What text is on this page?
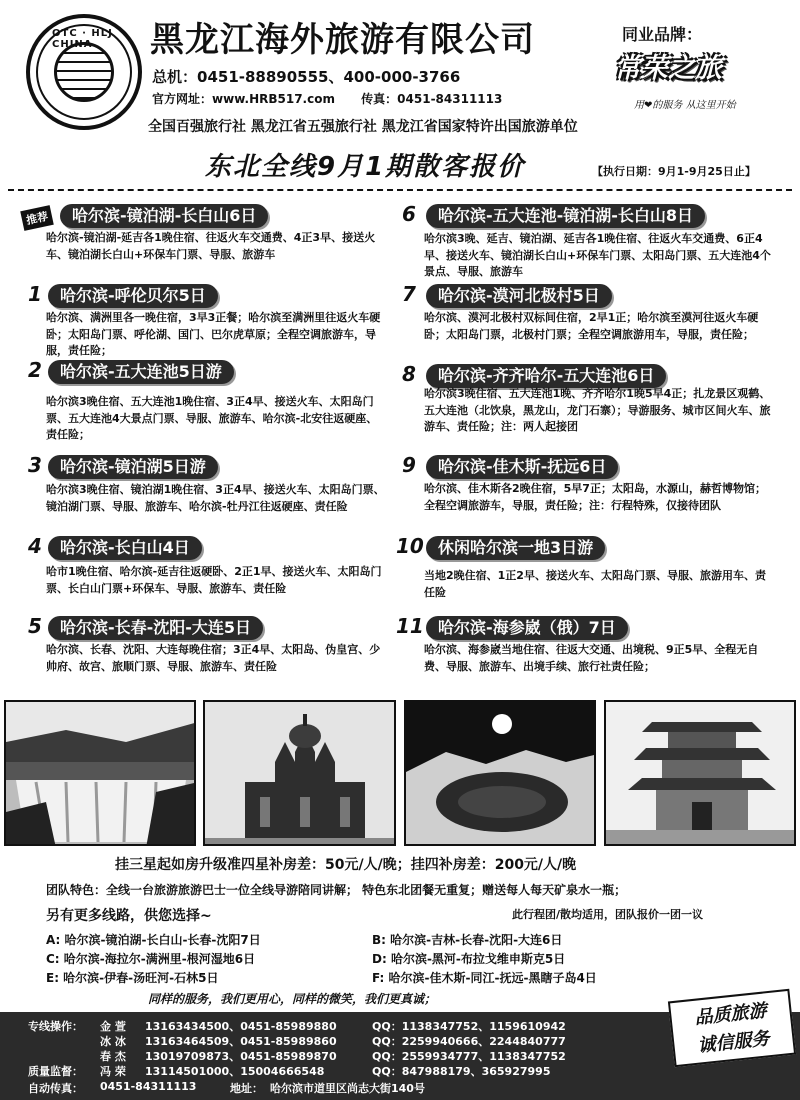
OTC · HLJ CHINA	黑龙江海外旅游有限公司
总机：0451-88890555、400-000-3766
官方网址：www.HRB517.com 传真：0451-84311113
全国百强旅行社 黑龙江省五强旅行社 黑龙江省国家特许出国旅游单位
同业品牌：
常荣之旅
用❤的服务 从这里开始
东北全线9月1期散客报价	【执行日期：9月1-9月25日止】
推荐	哈尔滨-镜泊湖-长白山6日
哈尔滨-镜泊湖-延吉各1晚住宿、往返火车交通费、4正3早、接送火车、镜泊湖长白山+环保车门票、导服、旅游车
1	哈尔滨-呼伦贝尔5日
哈尔滨、满洲里各一晚住宿，3早3正餐；哈尔滨至满洲里往返火车硬卧；太阳岛门票、呼伦湖、国门、巴尔虎草原；全程空调旅游车，导服，责任险；
2	哈尔滨-五大连池5日游
哈尔滨3晚住宿、五大连池1晚住宿、3正4早、接送火车、太阳岛门票、五大连池4大景点门票、导服、旅游车、哈尔滨-北安往返硬座、责任险；
3	哈尔滨-镜泊湖5日游
哈尔滨3晚住宿、镜泊湖1晚住宿、3正4早、接送火车、太阳岛门票、镜泊湖门票、导服、旅游车、哈尔滨-牡丹江往返硬座、责任险
4	哈尔滨-长白山4日
哈市1晚住宿、哈尔滨-延吉往返硬卧、2正1早、接送火车、太阳岛门票、长白山门票+环保车、导服、旅游车、责任险
5	哈尔滨-长春-沈阳-大连5日
哈尔滨、长春、沈阳、大连每晚住宿；3正4早、太阳岛、伪皇宫、少帅府、故宫、旅顺门票、导服、旅游车、责任险
6	哈尔滨-五大连池-镜泊湖-长白山8日
哈尔滨3晚、延吉、镜泊湖、延吉各1晚住宿、往返火车交通费、6正4早、接送火车、镜泊湖长白山+环保车门票、太阳岛门票、五大连池4个景点、导服、旅游车
7	哈尔滨-漠河北极村5日
哈尔滨、漠河北极村双标间住宿，2早1正；哈尔滨至漠河往返火车硬卧；太阳岛门票，北极村门票；全程空调旅游用车，导服，责任险；
8	哈尔滨-齐齐哈尔-五大连池6日
哈尔滨3晚住宿、五大连池1晚、齐齐哈尔1晚5早4正；扎龙景区观鹤、五大连池（北饮泉，黑龙山，龙门石寨）；导游服务、城市区间火车、旅游车、责任险；注：两人起接团
9	哈尔滨-佳木斯-抚远6日
哈尔滨、佳木斯各2晚住宿，5早7正；太阳岛，水源山，赫哲博物馆；全程空调旅游车，导服，责任险；注：行程特殊，仅接待团队
10 休闲哈尔滨一地3日游
当地2晚住宿、1正2早、接送火车、太阳岛门票、导服、旅游用车、责任险
11 哈尔滨-海参崴（俄）7日
哈尔滨、海参崴当地住宿、往返大交通、出境税、9正5早、全程无自费、导服、旅游车、出境手续、旅行社责任险；
挂三星起如房升级准四星补房差：50元/人/晚；挂四补房差：200元/人/晚
团队特色：全线一台旅游旅游巴士一位全线导游陪同讲解； 特色东北团餐无重复；赠送每人每天矿泉水一瓶；
另有更多线路，供您选择~	此行程团/散均适用，团队报价一团一议
A: 哈尔滨-镜泊湖-长白山-长春-沈阳7日	B: 哈尔滨-吉林-长春-沈阳-大连6日
C: 哈尔滨-海拉尔-满洲里-根河湿地6日	D: 哈尔滨-黑河-布拉戈维申斯克5日
E: 哈尔滨-伊春-汤旺河-石林5日	F: 哈尔滨-佳木斯-同江-抚远-黑瞎子岛4日
同样的服务，我们更用心，同样的微笑，我们更真诚；
专线操作： 金 萱 13163434500、0451-85989880	QQ：1138347752、1159610942
冰 冰 13163464509、0451-85989860	QQ：2259940666、2244840777
春 杰 13019709873、0451-85989870	QQ：2559934777、1138347752
质量监督： 冯 荣 13114501000、15004666548	QQ：847988179、365927995
自动传真： 0451-84311113	地址： 哈尔滨市道里区尚志大街140号
品质旅游
诚信服务
